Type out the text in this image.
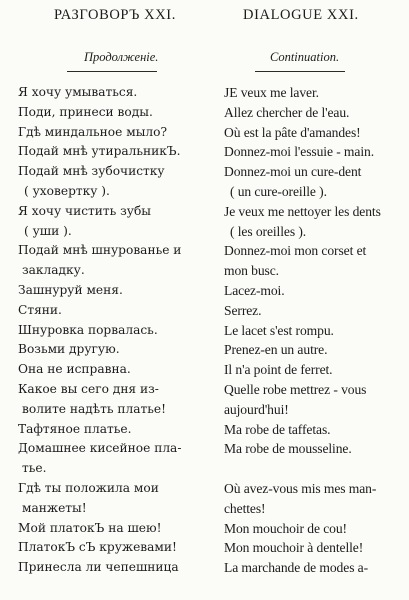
РАЗГОВОРЪ XXI.	DIALOGUE XXI.
Продолженіе.	Continuation.
Я хочу умываться.
Поди, принеси воды.
Гдѣ миндальное мыло?
Подай мнѣ утиральникЪ.
Подай мнѣ зубочистку
( уховертку ).
Я хочу чистить зубы
( уши ).
Подай мнѣ шнурованье и
закладку.
Зашнуруй меня.
Стяни.
Шнуровка порвалась.
Возьми другую.
Она не исправна.
Какое вы сего дня из-
волите надѣть платье!
Тафтяное платье.
Домашнее кисейное пла-
тье.
Гдѣ ты положила мои
манжеты!
Мой платокЪ на шею!
ПлатокЪ сЪ кружевами!
Принесла ли чепешница
JE veux me laver.
Allez chercher de l'eau.
Où est la pâte d'amandes!
Donnez-moi l'essuie - main.
Donnez-moi un cure-dent
( un cure-oreille ).
Je veux me nettoyer les dents
( les oreilles ).
Donnez-moi mon corset et
mon busc.
Lacez-moi.
Serrez.
Le lacet s'est rompu.
Prenez-en un autre.
Il n'a point de ferret.
Quelle robe mettrez - vous
aujourd'hui!
Ma robe de taffetas.
Ma robe de mousseline.
Où avez-vous mis mes man-
chettes!
Mon mouchoir de cou!
Mon mouchoir à dentelle!
La marchande de modes a-
